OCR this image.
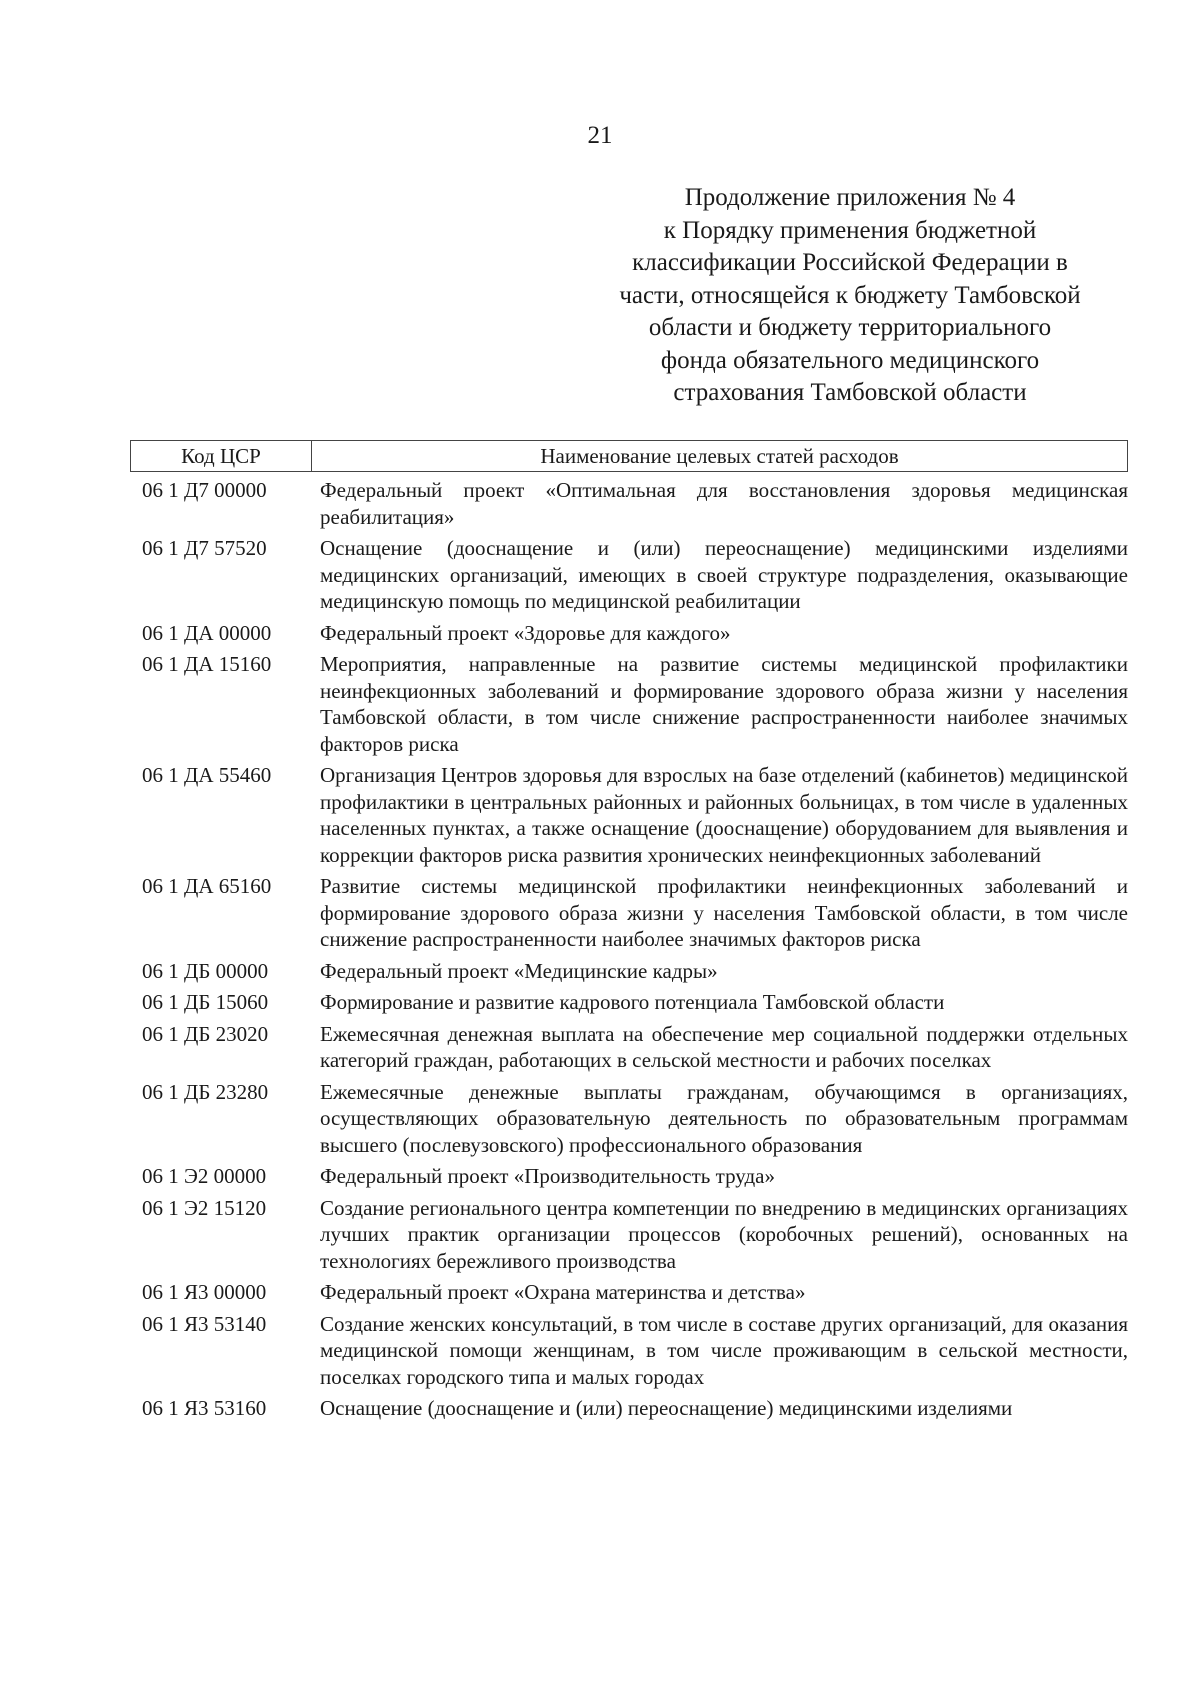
21
Продолжение приложения № 4
к Порядку применения бюджетной
классификации Российской Федерации в
части, относящейся к бюджету Тамбовской
области и бюджету территориального
фонда обязательного медицинского
страхования Тамбовской области
Код ЦСР	Наименование целевых статей расходов
06 1 Д7 00000	Федеральный проект «Оптимальная для восстановления здоровья медицинская реабилитация»
06 1 Д7 57520	Оснащение (дооснащение и (или) переоснащение) медицинскими изделиями медицинских организаций, имеющих в своей структуре подразделения, оказывающие медицинскую помощь по медицинской реабилитации
06 1 ДА 00000	Федеральный проект «Здоровье для каждого»
06 1 ДА 15160	Мероприятия, направленные на развитие системы медицинской профилактики неинфекционных заболеваний и формирование здорового образа жизни у населения Тамбовской области, в том числе снижение распространенности наиболее значимых факторов риска
06 1 ДА 55460	Организация Центров здоровья для взрослых на базе отделений (кабинетов) медицинской профилактики в центральных районных и районных больницах, в том числе в удаленных населенных пунктах, а также оснащение (дооснащение) оборудованием для выявления и коррекции факторов риска развития хронических неинфекционных заболеваний
06 1 ДА 65160	Развитие системы медицинской профилактики неинфекционных заболеваний и формирование здорового образа жизни у населения Тамбовской области, в том числе снижение распространенности наиболее значимых факторов риска
06 1 ДБ 00000	Федеральный проект «Медицинские кадры»
06 1 ДБ 15060	Формирование и развитие кадрового потенциала Тамбовской области
06 1 ДБ 23020	Ежемесячная денежная выплата на обеспечение мер социальной поддержки отдельных категорий граждан, работающих в сельской местности и рабочих поселках
06 1 ДБ 23280	Ежемесячные денежные выплаты гражданам, обучающимся в организациях, осуществляющих образовательную деятельность по образовательным программам высшего (послевузовского) профессионального образования
06 1 Э2 00000	Федеральный проект «Производительность труда»
06 1 Э2 15120	Создание регионального центра компетенции по внедрению в медицинских организациях лучших практик организации процессов (коробочных решений), основанных на технологиях бережливого производства
06 1 Я3 00000	Федеральный проект «Охрана материнства и детства»
06 1 Я3 53140	Создание женских консультаций, в том числе в составе других организаций, для оказания медицинской помощи женщинам, в том числе проживающим в сельской местности, поселках городского типа и малых городах
06 1 Я3 53160	Оснащение (дооснащение и (или) переоснащение) медицинскими изделиями
